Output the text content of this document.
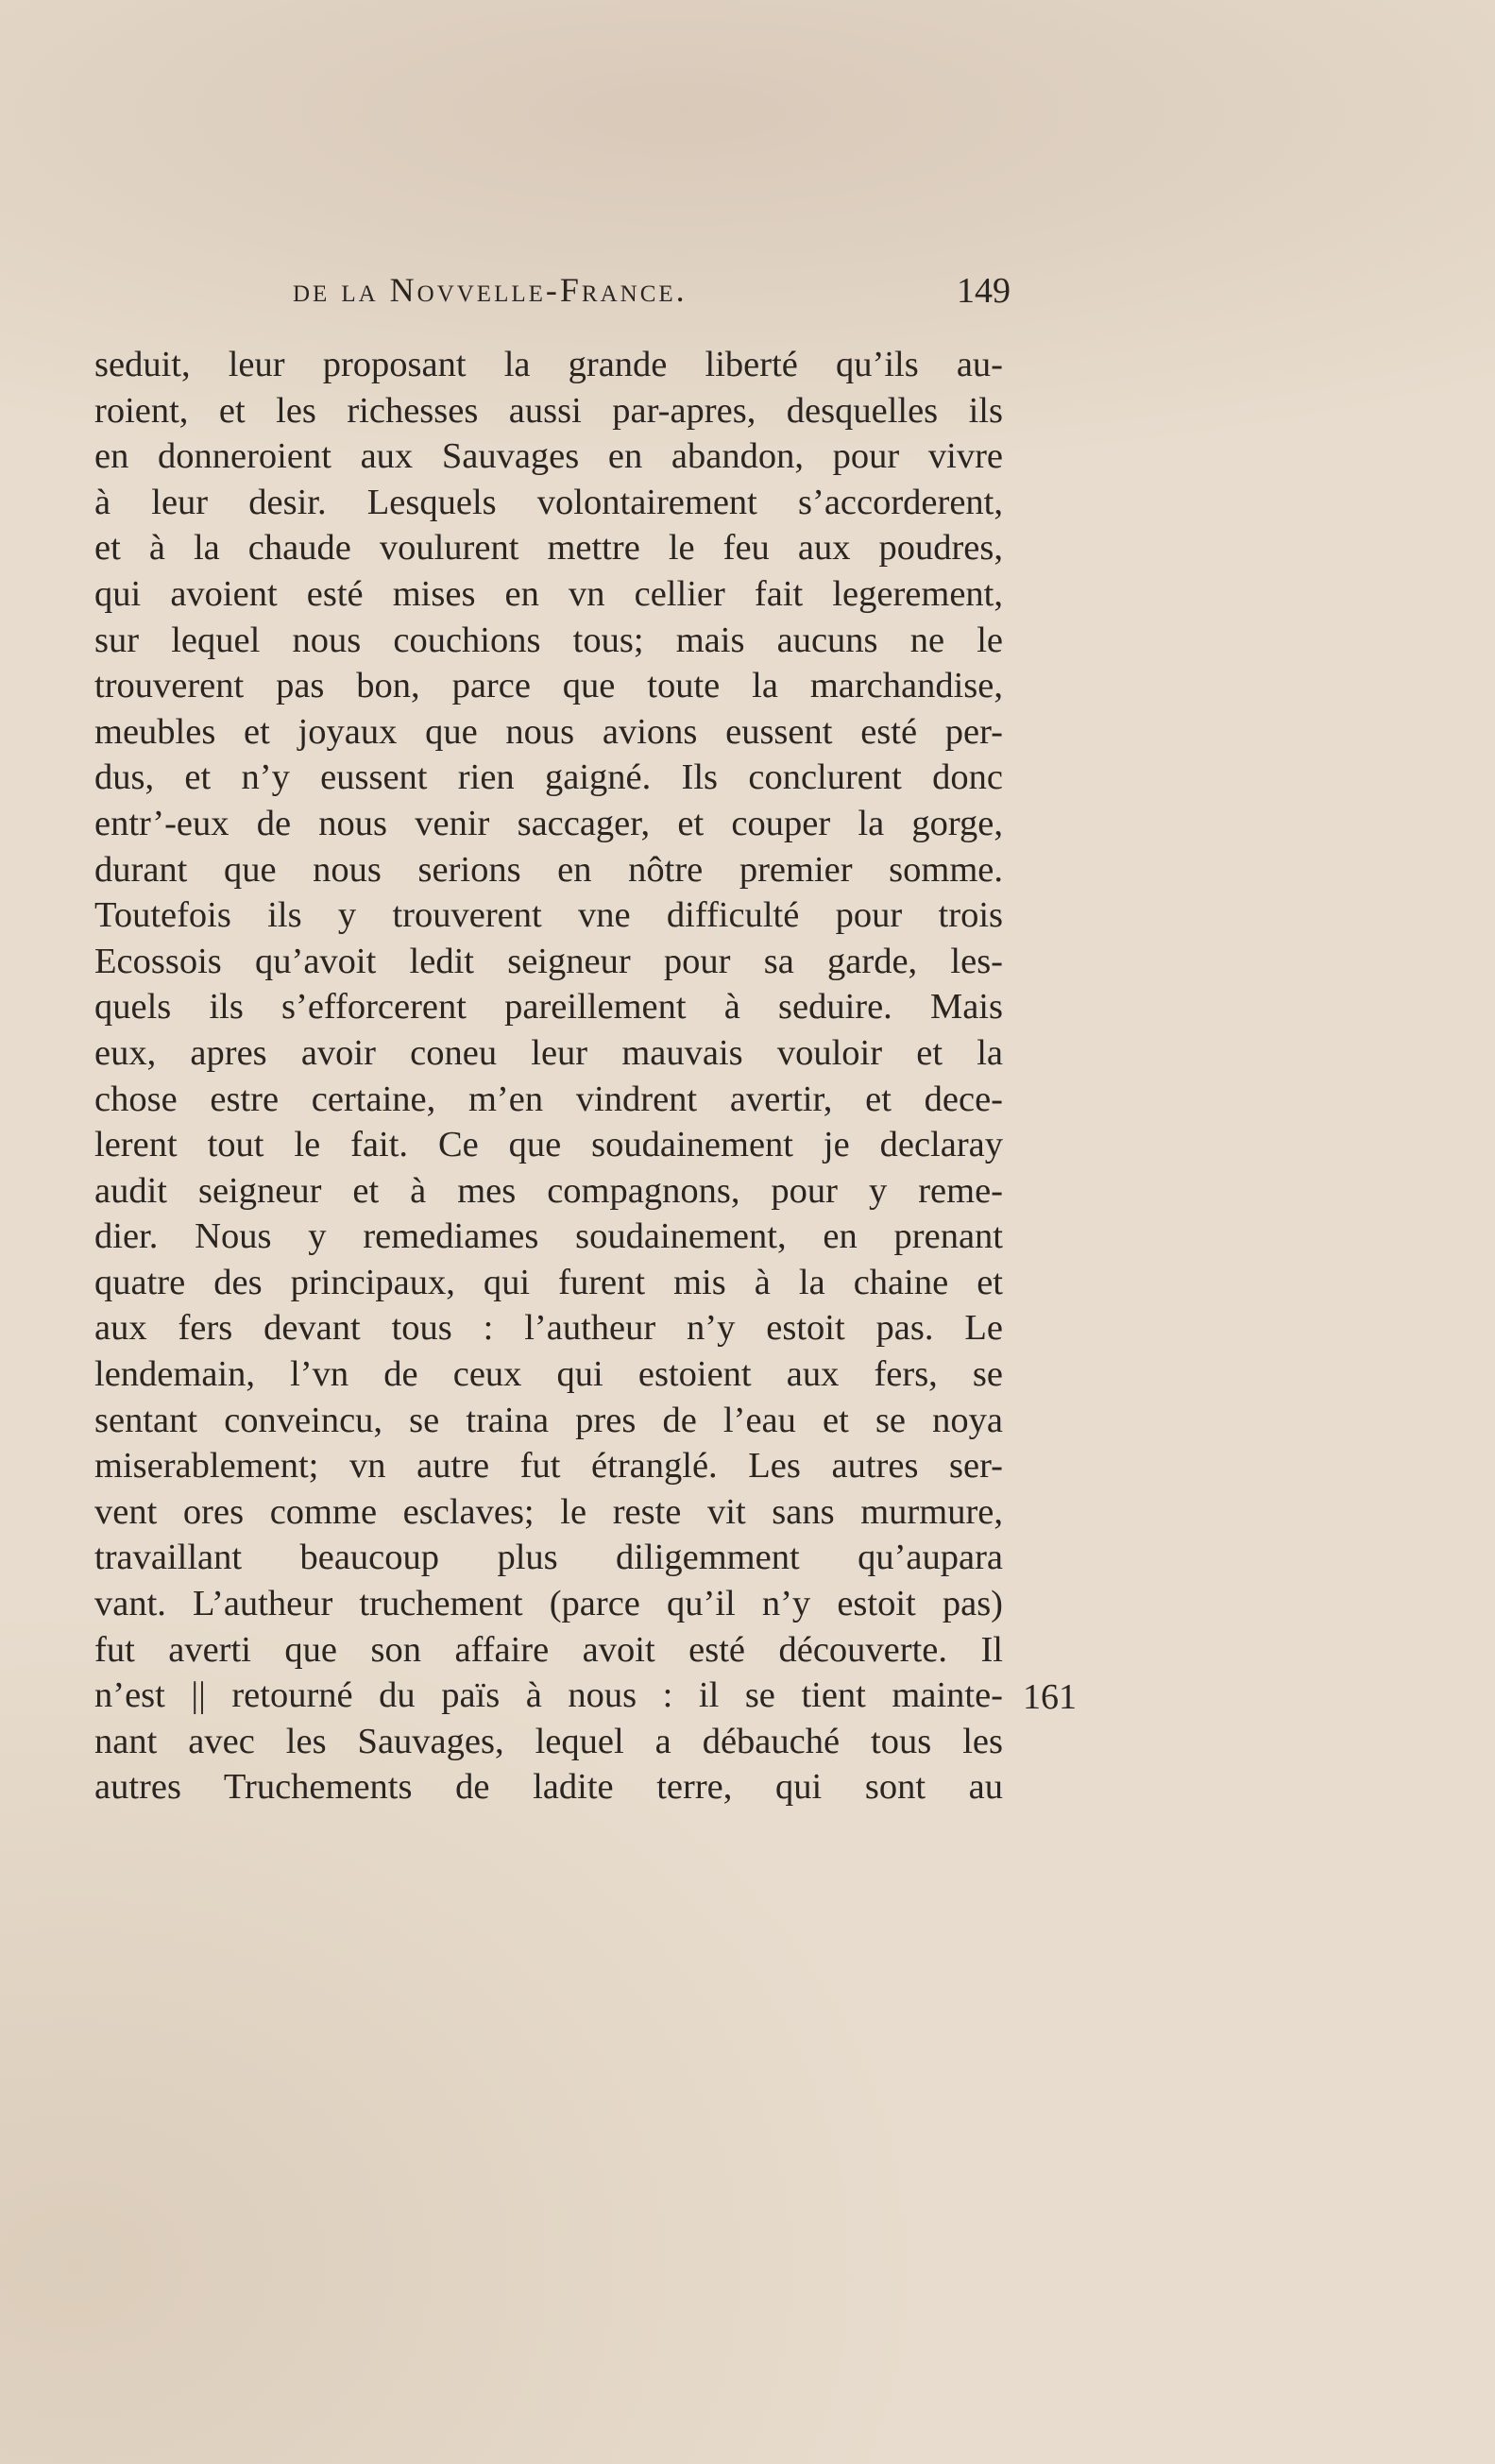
de la Novvelle-France.	149
seduit, leur proposant la grande liberté qu’ils au-
roient, et les richesses aussi par-apres, desquelles ils
en donneroient aux Sauvages en abandon, pour vivre
à leur desir. Lesquels volontairement s’accorderent,
et à la chaude voulurent mettre le feu aux poudres,
qui avoient esté mises en vn cellier fait legerement,
sur lequel nous couchions tous; mais aucuns ne le
trouverent pas bon, parce que toute la marchandise,
meubles et joyaux que nous avions eussent esté per-
dus, et n’y eussent rien gaigné. Ils conclurent donc
entr’-eux de nous venir saccager, et couper la gorge,
durant que nous serions en nôtre premier somme.
Toutefois ils y trouverent vne difficulté pour trois
Ecossois qu’avoit ledit seigneur pour sa garde, les-
quels ils s’efforcerent pareillement à seduire. Mais
eux, apres avoir coneu leur mauvais vouloir et la
chose estre certaine, m’en vindrent avertir, et dece-
lerent tout le fait. Ce que soudainement je declaray
audit seigneur et à mes compagnons, pour y reme-
dier. Nous y remediames soudainement, en prenant
quatre des principaux, qui furent mis à la chaine et
aux fers devant tous : l’autheur n’y estoit pas. Le
lendemain, l’vn de ceux qui estoient aux fers, se
sentant conveincu, se traina pres de l’eau et se noya
miserablement; vn autre fut étranglé. Les autres ser-
vent ores comme esclaves; le reste vit sans murmure,
travaillant beaucoup plus diligemment qu’aupara
vant. L’autheur truchement (parce qu’il n’y estoit pas)
fut averti que son affaire avoit esté découverte. Il
n’est || retourné du païs à nous : il se tient mainte-
nant avec les Sauvages, lequel a débauché tous les
autres Truchements de ladite terre, qui sont au
161
